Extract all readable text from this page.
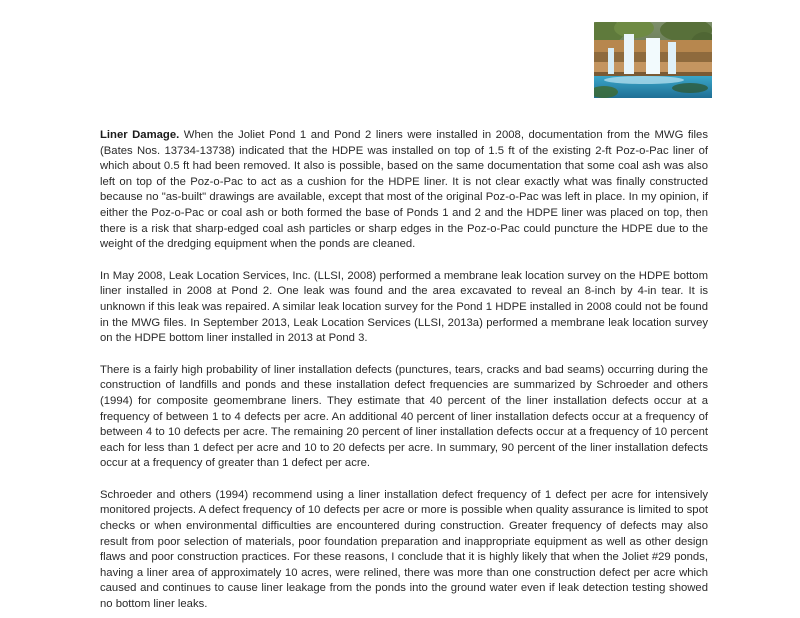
Liner Damage. When the Joliet Pond 1 and Pond 2 liners were installed in 2008, documentation from the MWG files (Bates Nos. 13734-13738) indicated that the HDPE was installed on top of 1.5 ft of the existing 2-ft Poz-o-Pac liner of which about 0.5 ft had been removed. It also is possible, based on the same documentation that some coal ash was also left on top of the Poz-o-Pac to act as a cushion for the HDPE liner. It is not clear exactly what was finally constructed because no "as-built" drawings are available, except that most of the original Poz-o-Pac was left in place. In my opinion, if either the Poz-o-Pac or coal ash or both formed the base of Ponds 1 and 2 and the HDPE liner was placed on top, then there is a risk that sharp-edged coal ash particles or sharp edges in the Poz-o-Pac could puncture the HDPE due to the weight of the dredging equipment when the ponds are cleaned.

In May 2008, Leak Location Services, Inc. (LLSI, 2008) performed a membrane leak location survey on the HDPE bottom liner installed in 2008 at Pond 2. One leak was found and the area excavated to reveal an 8-inch by 4-in tear. It is unknown if this leak was repaired. A similar leak location survey for the Pond 1 HDPE installed in 2008 could not be found in the MWG files. In September 2013, Leak Location Services (LLSI, 2013a) performed a membrane leak location survey on the HDPE bottom liner installed in 2013 at Pond 3.

There is a fairly high probability of liner installation defects (punctures, tears, cracks and bad seams) occurring during the construction of landfills and ponds and these installation defect frequencies are summarized by Schroeder and others (1994) for composite geomembrane liners. They estimate that 40 percent of the liner installation defects occur at a frequency of between 1 to 4 defects per acre. An additional 40 percent of liner installation defects occur at a frequency of between 4 to 10 defects per acre. The remaining 20 percent of liner installation defects occur at a frequency of 10 percent each for less than 1 defect per acre and 10 to 20 defects per acre. In summary, 90 percent of the liner installation defects occur at a frequency of greater than 1 defect per acre.

Schroeder and others (1994) recommend using a liner installation defect frequency of 1 defect per acre for intensively monitored projects. A defect frequency of 10 defects per acre or more is possible when quality assurance is limited to spot checks or when environmental difficulties are encountered during construction. Greater frequency of defects may also result from poor selection of materials, poor foundation preparation and inappropriate equipment as well as other design flaws and poor construction practices. For these reasons, I conclude that it is highly likely that when the Joliet #29 ponds, having a liner area of approximately 10 acres, were relined, there was more than one construction defect per acre which caused and continues to cause liner leakage from the ponds into the ground water even if leak detection testing showed no bottom liner leaks.
